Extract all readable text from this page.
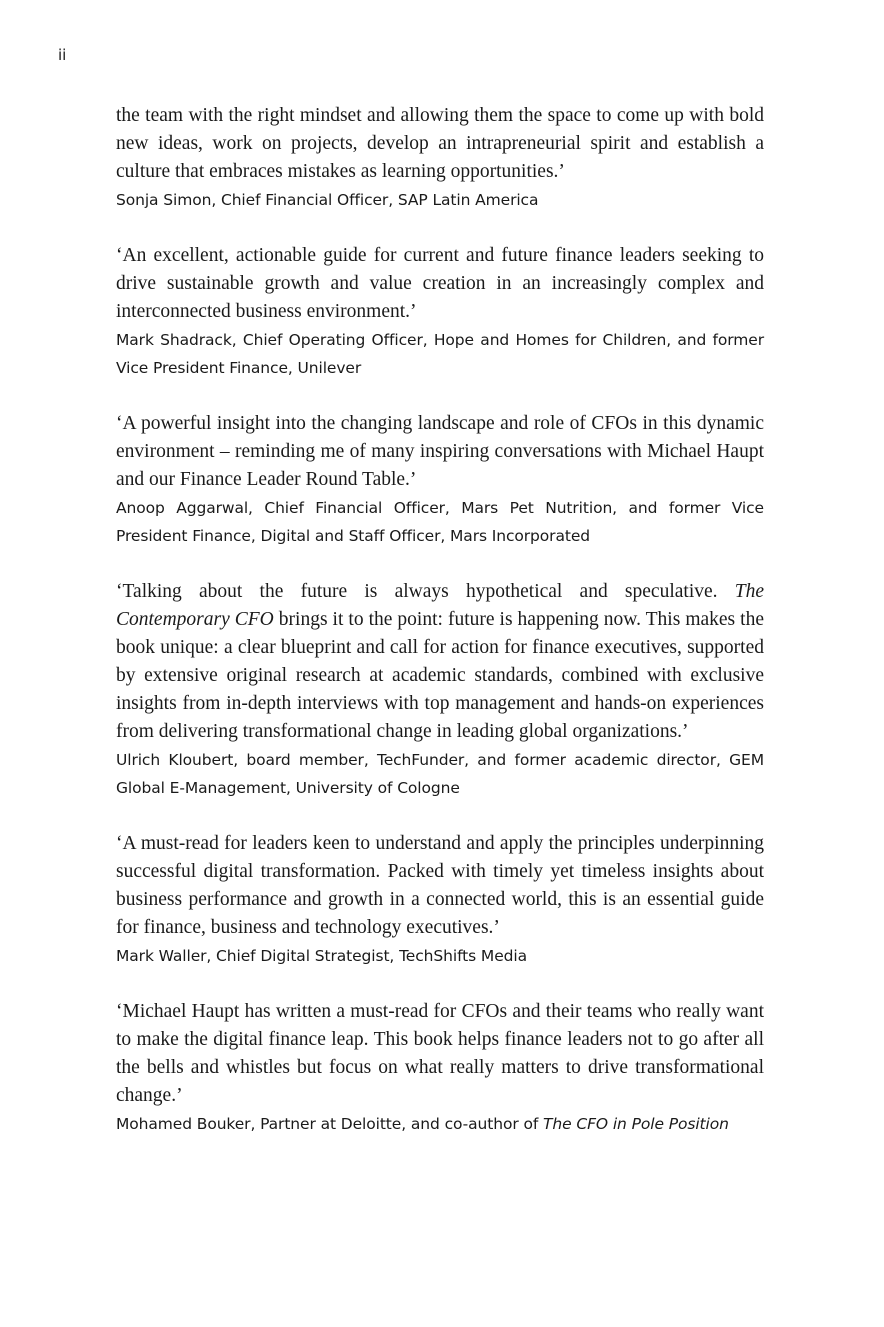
ii

the team with the right mindset and allowing them the space to come up with bold new ideas, work on projects, develop an intrapreneurial spirit and establish a culture that embraces mistakes as learning opportunities.’

Sonja Simon, Chief Financial Officer, SAP Latin America

‘An excellent, actionable guide for current and future finance leaders seeking to drive sustainable growth and value creation in an increasingly complex and interconnected business environment.’

Mark Shadrack, Chief Operating Officer, Hope and Homes for Children, and former Vice President Finance, Unilever

‘A powerful insight into the changing landscape and role of CFOs in this dynamic environment – reminding me of many inspiring conversations with Michael Haupt and our Finance Leader Round Table.’

Anoop Aggarwal, Chief Financial Officer, Mars Pet Nutrition, and former Vice President Finance, Digital and Staff Officer, Mars Incorporated

‘Talking about the future is always hypothetical and speculative. The Contemporary CFO brings it to the point: future is happening now. This makes the book unique: a clear blueprint and call for action for finance executives, supported by extensive original research at academic standards, combined with exclusive insights from in-depth interviews with top management and hands-on experiences from delivering transformational change in leading global organizations.’

Ulrich Kloubert, board member, TechFunder, and former academic director, GEM Global E-Management, University of Cologne

‘A must-read for leaders keen to understand and apply the principles underpinning successful digital transformation. Packed with timely yet timeless insights about business performance and growth in a connected world, this is an essential guide for finance, business and technology executives.’

Mark Waller, Chief Digital Strategist, TechShifts Media

‘Michael Haupt has written a must-read for CFOs and their teams who really want to make the digital finance leap. This book helps finance leaders not to go after all the bells and whistles but focus on what really matters to drive transformational change.’

Mohamed Bouker, Partner at Deloitte, and co-author of The CFO in Pole Position
